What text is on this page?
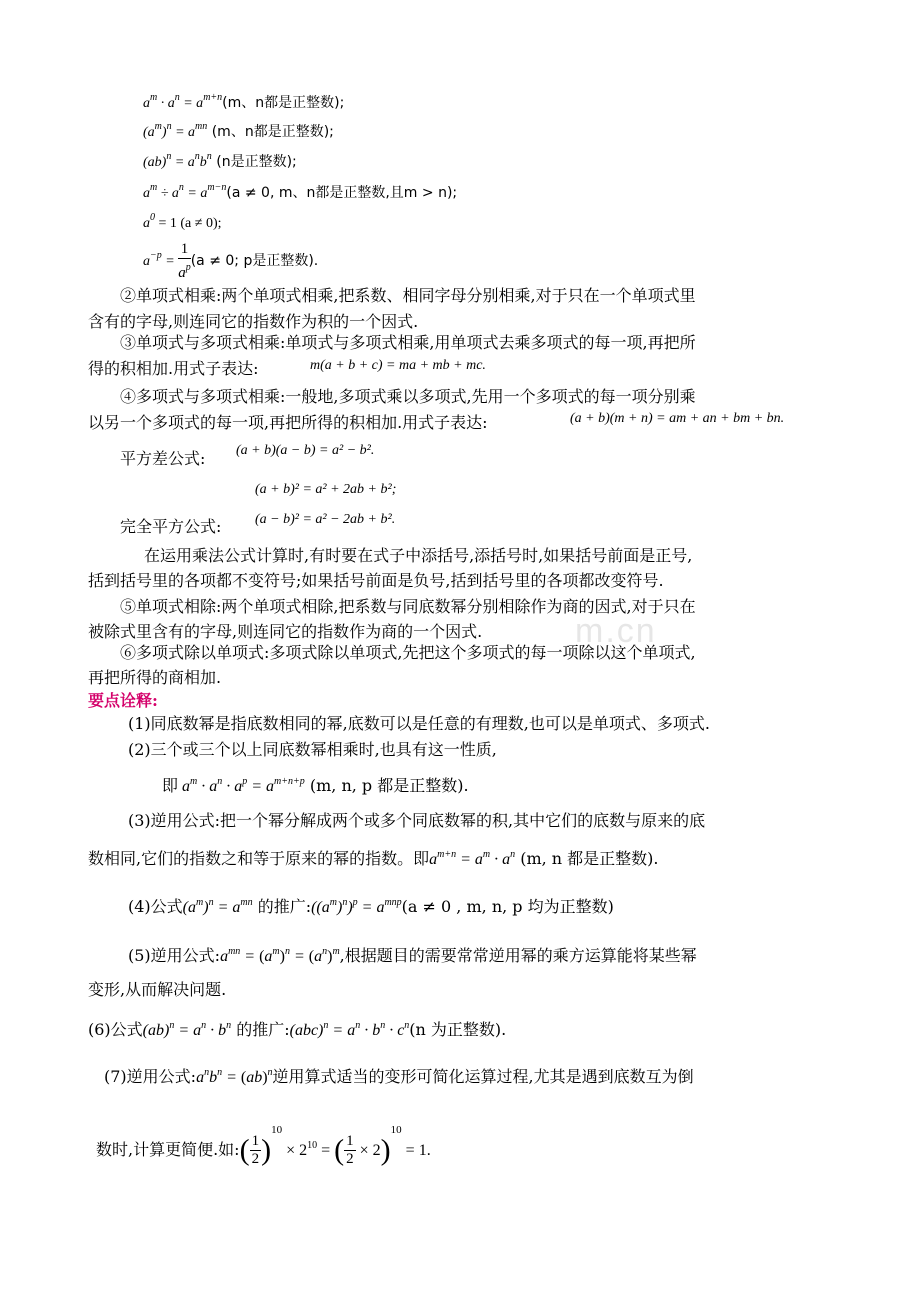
m.cn
$a^m \cdot a^n = a^{m+n}(m$、n都是正整数);
$(a^m)^n = a^{mn}$ (m、n都是正整数);
$(ab)^n = a^nb^n$ (n是正整数);
$a^m \div a^n = a^{m-n}(a \ne 0$, m、n都是正整数,且m > n);
$a^0 = 1$ (a ≠ 0);
$a^{-p} = \frac{1}{a^p} (a \ne 0$; p是正整数).
②单项式相乘:两个单项式相乘,把系数、相同字母分别相乘,对于只在一个单项式里
含有的字母,则连同它的指数作为积的一个因式.
③单项式与多项式相乘:单项式与多项式相乘,用单项式去乘多项式的每一项,再把所
得的积相加.用式子表达:	m(a + b + c) = ma + mb + mc.
④多项式与多项式相乘:一般地,多项式乘以多项式,先用一个多项式的每一项分别乘
以另一个多项式的每一项,再把所得的积相加.用式子表达:	(a + b)(m + n) = am + an + bm + bn.
平方差公式: (a + b)(a − b) = a² − b².
(a + b)² = a² + 2ab + b²;
完全平方公式: (a − b)² = a² − 2ab + b².
在运用乘法公式计算时,有时要在式子中添括号,添括号时,如果括号前面是正号,
括到括号里的各项都不变符号;如果括号前面是负号,括到括号里的各项都改变符号.
⑤单项式相除:两个单项式相除,把系数与同底数幂分别相除作为商的因式,对于只在
被除式里含有的字母,则连同它的指数作为商的一个因式.
⑥多项式除以单项式:多项式除以单项式,先把这个多项式的每一项除以这个单项式,
再把所得的商相加.
要点诠释:
(1)同底数幂是指底数相同的幂,底数可以是任意的有理数,也可以是单项式、多项式.
(2)三个或三个以上同底数幂相乘时,也具有这一性质,
即 $a^m \cdot a^n \cdot a^p = a^{m+n+p}$ (m, n, p 都是正整数).
(3)逆用公式:把一个幂分解成两个或多个同底数幂的积,其中它们的底数与原来的底
数相同,它们的指数之和等于原来的幂的指数。即$a^{m+n} = a^m \cdot a^n$ (m, n 都是正整数).
(4)公式$(a^m)^n = a^{mn}$ 的推广$:((a^m)^n)^p = a^{mnp}(a \ne 0$ , m, n, p 均为正整数)
(5)逆用公式$:a^{mn} = (a^m)^n = (a^n)^m$,根据题目的需要常常逆用幂的乘方运算能将某些幂
变形,从而解决问题.
(6)公式$(ab)^n = a^n \cdot b^n$ 的推广:(abc)$^n$ = $a^n \cdot b^n \cdot c^n(n$ 为正整数).
(7)逆用公式$:a^nb^n = (ab)^n$逆用算式适当的变形可简化运算过程,尤其是遇到底数互为倒
数时,计算更简便.如:( $\frac{1}{2} )^{10} \times 2^{10}$ = ( $\frac{1}{2} \times 2)^{10} = 1$.
